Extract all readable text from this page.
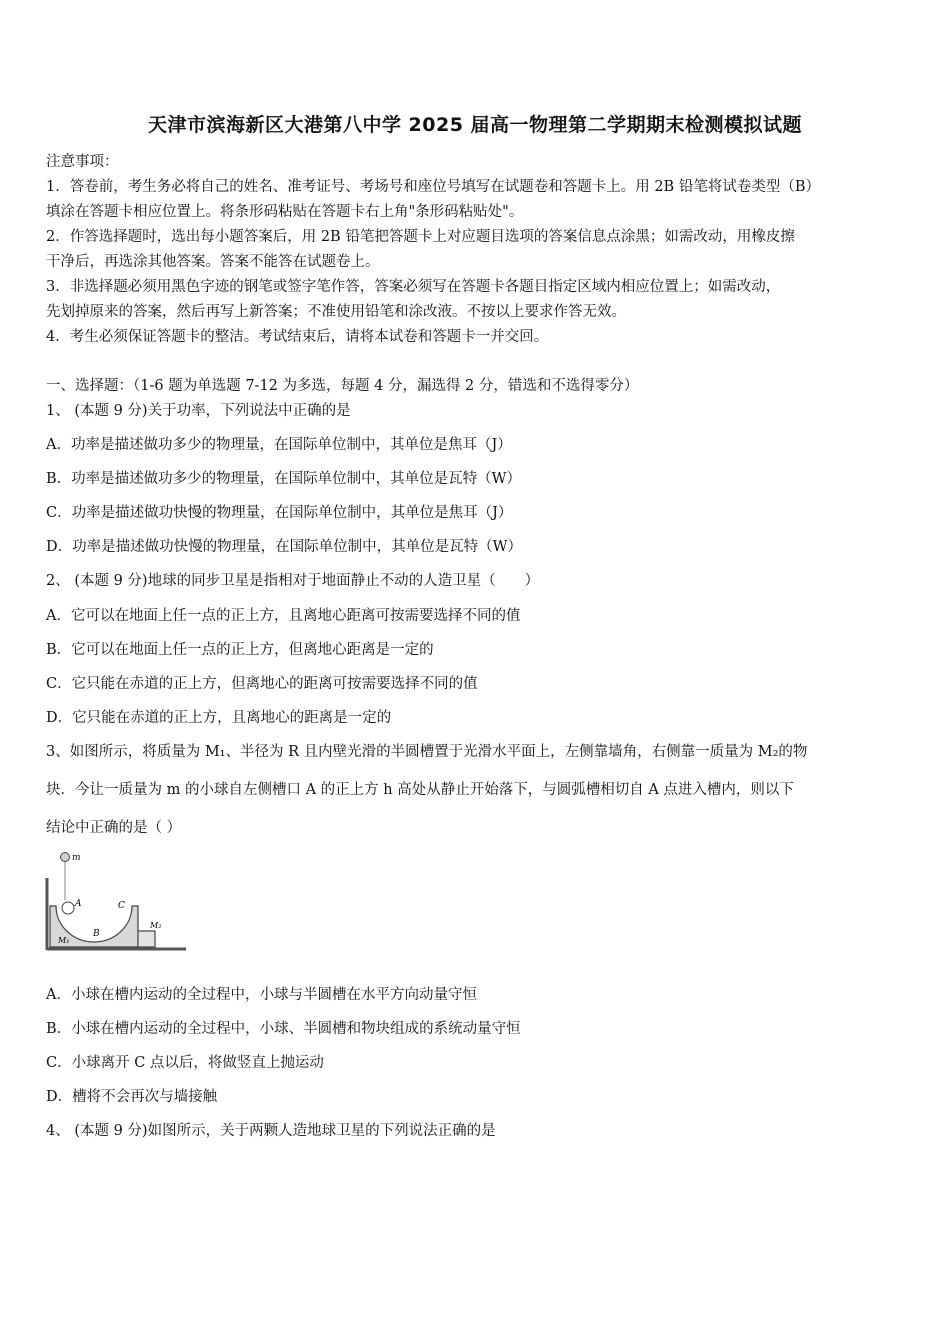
天津市滨海新区大港第八中学 2025 届高一物理第二学期期末检测模拟试题
注意事项：
1．答卷前，考生务必将自己的姓名、准考证号、考场号和座位号填写在试题卷和答题卡上。用 2B 铅笔将试卷类型（B）
填涂在答题卡相应位置上。将条形码粘贴在答题卡右上角"条形码粘贴处"。
2．作答选择题时，选出每小题答案后，用 2B 铅笔把答题卡上对应题目选项的答案信息点涂黑；如需改动，用橡皮擦
干净后，再选涂其他答案。答案不能答在试题卷上。
3．非选择题必须用黑色字迹的钢笔或签字笔作答，答案必须写在答题卡各题目指定区域内相应位置上；如需改动，
先划掉原来的答案，然后再写上新答案；不准使用铅笔和涂改液。不按以上要求作答无效。
4．考生必须保证答题卡的整洁。考试结束后，请将本试卷和答题卡一并交回。
一、选择题：（1-6 题为单选题 7-12 为多选，每题 4 分，漏选得 2 分，错选和不选得零分）
1、 (本题 9 分)关于功率，下列说法中正确的是
A．功率是描述做功多少的物理量，在国际单位制中，其单位是焦耳（J）
B．功率是描述做功多少的物理量，在国际单位制中，其单位是瓦特（W）
C．功率是描述做功快慢的物理量，在国际单位制中，其单位是焦耳（J）
D．功率是描述做功快慢的物理量，在国际单位制中，其单位是瓦特（W）
2、 (本题 9 分)地球的同步卫星是指相对于地面静止不动的人造卫星（　　）
A．它可以在地面上任一点的正上方，且离地心距离可按需要选择不同的值
B．它可以在地面上任一点的正上方，但离地心距离是一定的
C．它只能在赤道的正上方，但离地心的距离可按需要选择不同的值
D．它只能在赤道的正上方，且离地心的距离是一定的
3、如图所示，将质量为 M₁、半径为 R 且内壁光滑的半圆槽置于光滑水平面上，左侧靠墙角，右侧靠一质量为 M₂的物
块．今让一质量为 m 的小球自左侧槽口 A 的正上方 h 高处从静止开始落下，与圆弧槽相切自 A 点进入槽内，则以下
结论中正确的是（ ）
m
A
B
C
M₁
M₂
A．小球在槽内运动的全过程中，小球与半圆槽在水平方向动量守恒
B．小球在槽内运动的全过程中，小球、半圆槽和物块组成的系统动量守恒
C．小球离开 C 点以后，将做竖直上抛运动
D．槽将不会再次与墙接触
4、 (本题 9 分)如图所示，关于两颗人造地球卫星的下列说法正确的是
